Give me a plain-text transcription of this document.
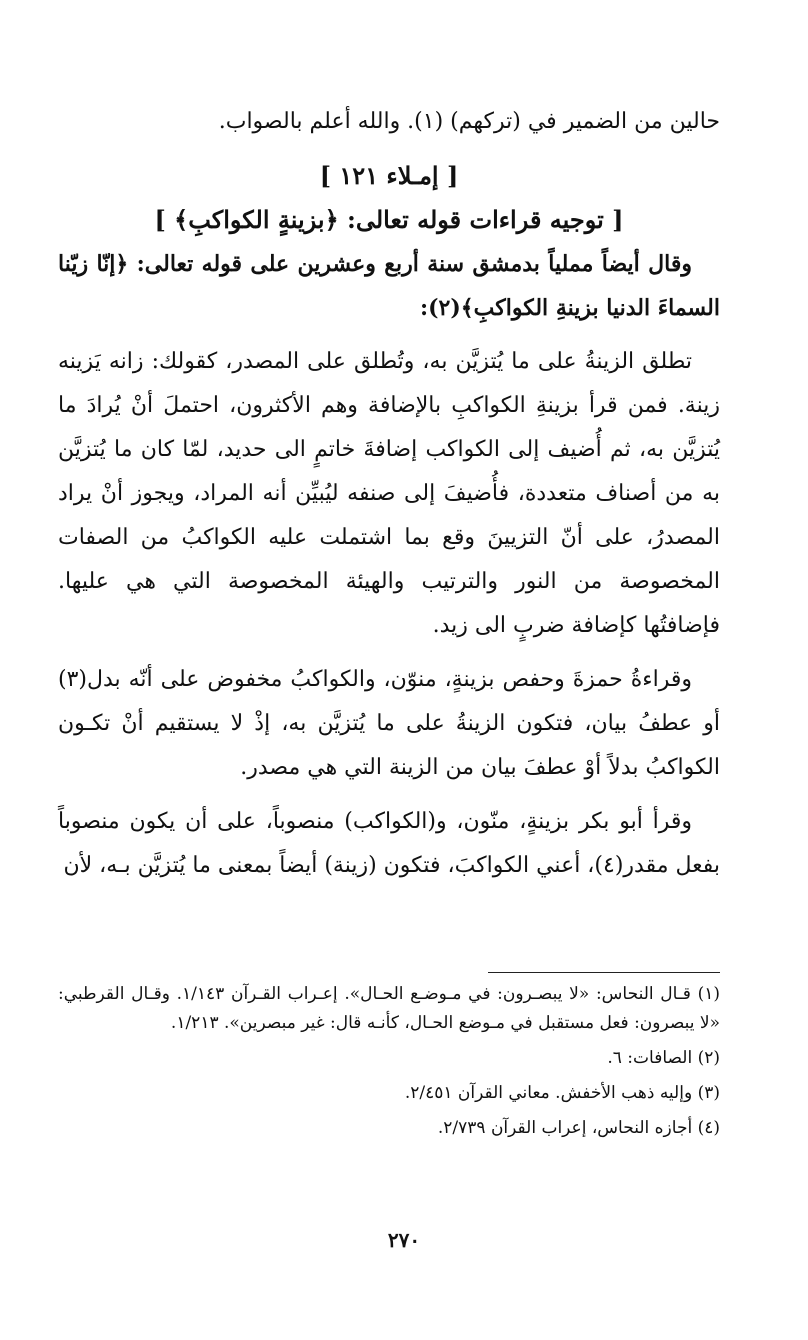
حالين من الضمير في (تركهم) (١). والله أعلم بالصواب.

[ إمـلاء ١٢١ ]

[ توجيه قراءات قوله تعالى: ﴿بزينةٍ الكواكبِ﴾ ]

وقال أيضاً مملياً بدمشق سنة أربع وعشرين على قوله تعالى: ﴿إنّا زيّنا السماءَ الدنيا بزينةِ الكواكبِ﴾(٢):

تطلق الزينةُ على ما يُتزيَّن به، وتُطلق على المصدر، كقولك: زانه يَزينه زينة. فمن قرأ بزينةِ الكواكبِ بالإضافة وهم الأكثرون، احتملَ أنْ يُرادَ ما يُتزيَّن به، ثم أُضيف إلى الكواكب إضافةَ خاتمٍ الى حديد، لمّا كان ما يُتزيَّن به من أصناف متعددة، فأُضيفَ إلى صنفه ليُبيِّن أنه المراد، ويجوز أنْ يراد المصدرُ، على أنّ التزيينَ وقع بما اشتملت عليه الكواكبُ من الصفات المخصوصة من النور والترتيب والهيئة المخصوصة التي هي عليها. فإضافتُها كإضافة ضربٍ الى زيد.

وقراءةُ حمزةَ وحفص بزينةٍ، منوّن، والكواكبُ مخفوض على أنّه بدل(٣) أو عطفُ بيان، فتكون الزينةُ على ما يُتزيَّن به، إذْ لا يستقيم أنْ تكـون الكواكبُ بدلاً أوْ عطفَ بيان من الزينة التي هي مصدر.

وقرأ أبو بكر بزينةٍ، منّون، و(الكواكب) منصوباً، على أن يكون منصوباً بفعل مقدر(٤)، أعني الكواكبَ، فتكون (زينة) أيضاً بمعنى ما يُتزيَّن بـه، لأن

(١) قـال النحاس: «لا يبصـرون: في مـوضـع الحـال». إعـراب القـرآن ١/١٤٣. وقـال القرطبي: «لا يبصرون: فعل مستقبل في مـوضع الحـال، كأنـه قال: غير مبصرين». ١/٢١٣.

(٢) الصافات: ٦.

(٣) وإليه ذهب الأخفش. معاني القرآن ٢/٤٥١.

(٤) أجازه النحاس، إعراب القرآن ٢/٧٣٩.

٢٧٠
